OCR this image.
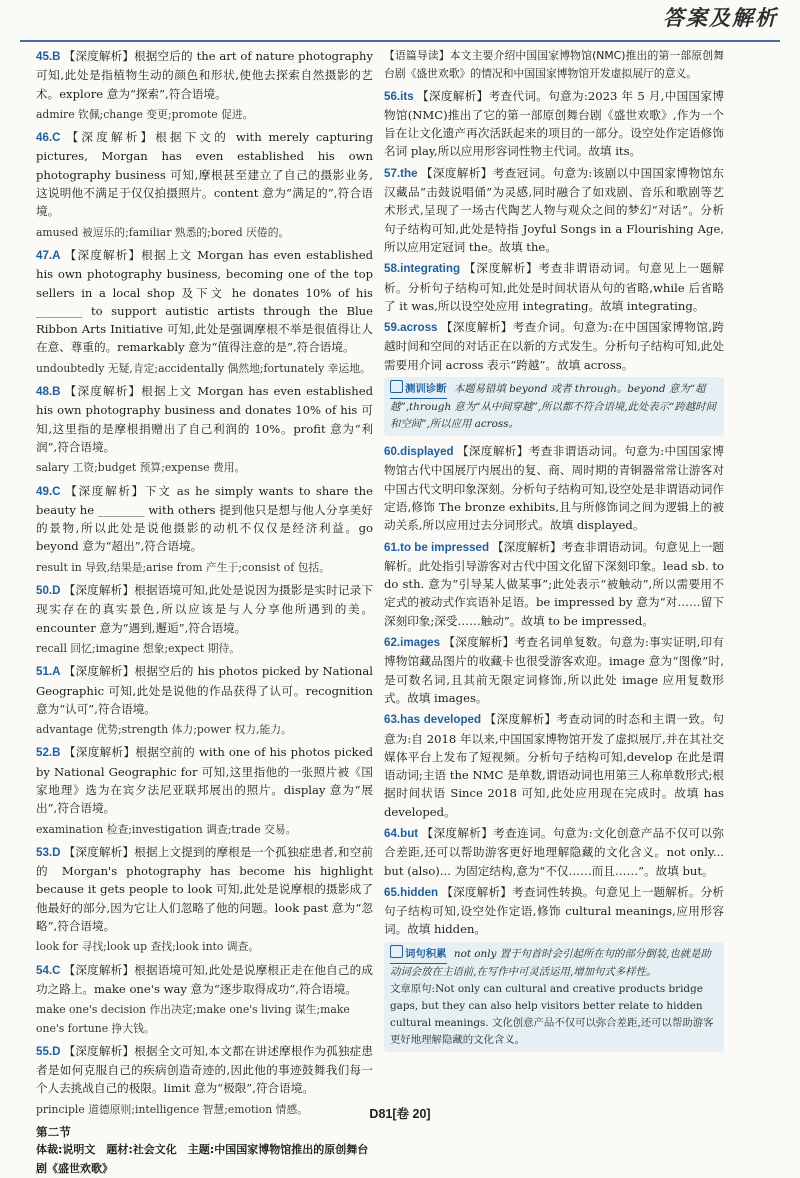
答案及解析
45.B 【深度解析】根据空后的 the art of nature photography 可知,此处是指植物生动的颜色和形状,使他去探索自然摄影的艺术。explore 意为“探索”,符合语境。

admire 钦佩;change 变更;promote 促进。

46.C 【深度解析】根据下文的 with merely capturing pictures, Morgan has even established his own photography business 可知,摩根甚至建立了自己的摄影业务,这说明他不满足于仅仅拍摄照片。content 意为“满足的”,符合语境。

amused 被逗乐的;familiar 熟悉的;bored 厌倦的。

47.A 【深度解析】根据上文 Morgan has even established his own photography business, becoming one of the top sellers in a local shop 及下文 he donates 10% of his ________ to support autistic artists through the Blue Ribbon Arts Initiative 可知,此处是强调摩根不举是很值得让人在意、尊重的。remarkably 意为“值得注意的是”,符合语境。

undoubtedly 无疑,肯定;accidentally 偶然地;fortunately 幸运地。

48.B 【深度解析】根据上文 Morgan has even established his own photography business and donates 10% of his 可知,这里指的是摩根捐赠出了自己利润的 10%。profit 意为“利润”,符合语境。

salary 工资;budget 预算;expense 费用。

49.C 【深度解析】下文 as he simply wants to share the beauty he ________ with others 提到他只是想与他人分享美好的景物,所以此处是说他摄影的动机不仅仅是经济利益。go beyond 意为“超出”,符合语境。

result in 导致,结果是;arise from 产生于;consist of 包括。

50.D 【深度解析】根据语境可知,此处是说因为摄影是实时记录下现实存在的真实景色,所以应该是与人分享他所遇到的美。encounter 意为“遇到,邂逅”,符合语境。

recall 回忆;imagine 想象;expect 期待。

51.A 【深度解析】根据空后的 his photos picked by National Geographic 可知,此处是说他的作品获得了认可。recognition 意为“认可”,符合语境。

advantage 优势;strength 体力;power 权力,能力。

52.B 【深度解析】根据空前的 with one of his photos picked by National Geographic for 可知,这里指他的一张照片被《国家地理》选为在宾夕法尼亚联邦展出的照片。display 意为“展出”,符合语境。

examination 检查;investigation 调查;trade 交易。

53.D 【深度解析】根据上文提到的摩根是一个孤独症患者,和空前的 Morgan's photography has become his highlight because it gets people to look 可知,此处是说摩根的摄影成了他最好的部分,因为它让人们忽略了他的问题。look past 意为“忽略”,符合语境。

look for 寻找;look up 查找;look into 调查。

54.C 【深度解析】根据语境可知,此处是说摩根正走在他自己的成功之路上。make one's way 意为“逐步取得成功”,符合语境。

make one's decision 作出决定;make one's living 谋生;make one's fortune 挣大钱。

55.D 【深度解析】根据全文可知,本文都在讲述摩根作为孤独症患者是如何克服自己的疾病创造奇迹的,因此他的事迹鼓舞我们每一个人去挑战自己的极限。limit 意为“极限”,符合语境。

principle 道德原则;intelligence 智慧;emotion 情感。

第二节

体裁:说明文　题材:社会文化　主题:中国国家博物馆推出的原创舞台剧《盛世欢歌》

【语篇导读】本文主要介绍中国国家博物馆(NMC)推出的第一部原创舞台剧《盛世欢歌》的情况和中国国家博物馆开发虚拟展厅的意义。

56.its 【深度解析】考查代词。句意为:2023 年 5 月,中国国家博物馆(NMC)推出了它的第一部原创舞台剧《盛世欢歌》,作为一个旨在让文化遗产再次活跃起来的项目的一部分。设空处作定语修饰名词 play,所以应用形容词性物主代词。故填 its。
57.the 【深度解析】考查冠词。句意为:该剧以中国国家博物馆东汉藏品“击鼓说唱俑”为灵感,同时融合了如戏剧、音乐和歌剧等艺术形式,呈现了一场古代陶艺人物与观众之间的梦幻“对话”。分析句子结构可知,此处是特指 Joyful Songs in a Flourishing Age,所以应用定冠词 the。故填 the。
58.integrating 【深度解析】考查非谓语动词。句意见上一题解析。分析句子结构可知,此处是时间状语从句的省略,while 后省略了 it was,所以设空处应用 integrating。故填 integrating。
59.across 【深度解析】考查介词。句意为:在中国国家博物馆,跨越时间和空间的对话正在以新的方式发生。分析句子结构可知,此处需要用介词 across 表示“跨越”。故填 across。
测训诊断 本题易错填 beyond 或者 through。beyond 意为“超越”,through 意为“从中间穿越”,所以都不符合语境,此处表示“跨越时间和空间”,所以应用 across。
60.displayed 【深度解析】考查非谓语动词。句意为:中国国家博物馆古代中国展厅内展出的复、商、周时期的青铜器常常让游客对中国古代文明印象深刻。分析句子结构可知,设空处是非谓语动词作定语,修饰 The bronze exhibits,且与所修饰词之间为逻辑上的被动关系,所以应用过去分词形式。故填 displayed。
61.to be impressed 【深度解析】考查非谓语动词。句意见上一题解析。此处指引导游客对古代中国文化留下深刻印象。lead sb. to do sth. 意为“引导某人做某事”;此处表示“被触动”,所以需要用不定式的被动式作宾语补足语。be impressed by 意为“对……留下深刻印象;深受……触动”。故填 to be impressed。
62.images 【深度解析】考查名词单复数。句意为:事实证明,印有博物馆藏品图片的收藏卡也很受游客欢迎。image 意为“图像”时,是可数名词,且其前无限定词修饰,所以此处 image 应用复数形式。故填 images。
63.has developed 【深度解析】考查动词的时态和主谓一致。句意为:自 2018 年以来,中国国家博物馆开发了虚拟展厅,并在其社交媒体平台上发布了短视频。分析句子结构可知,develop 在此是谓语动词;主语 the NMC 是单数,谓语动词也用第三人称单数形式;根据时间状语 Since 2018 可知,此处应用现在完成时。故填 has developed。
64.but 【深度解析】考查连词。句意为:文化创意产品不仅可以弥合差距,还可以帮助游客更好地理解隐藏的文化含义。not only... but (also)... 为固定结构,意为“不仅……而且……”。故填 but。
65.hidden 【深度解析】考查词性转换。句意见上一题解析。分析句子结构可知,设空处作定语,修饰 cultural meanings,应用形容词。故填 hidden。
词句积累 not only 置于句首时会引起所在句的部分倒装,也就是助动词会放在主语前,在写作中可灵活运用,增加句式多样性。

文章原句:Not only can cultural and creative products bridge gaps, but they can also help visitors better relate to hidden cultural meanings. 文化创意产品不仅可以弥合差距,还可以帮助游客更好地理解隐藏的文化含义。

D81[卷 20]
